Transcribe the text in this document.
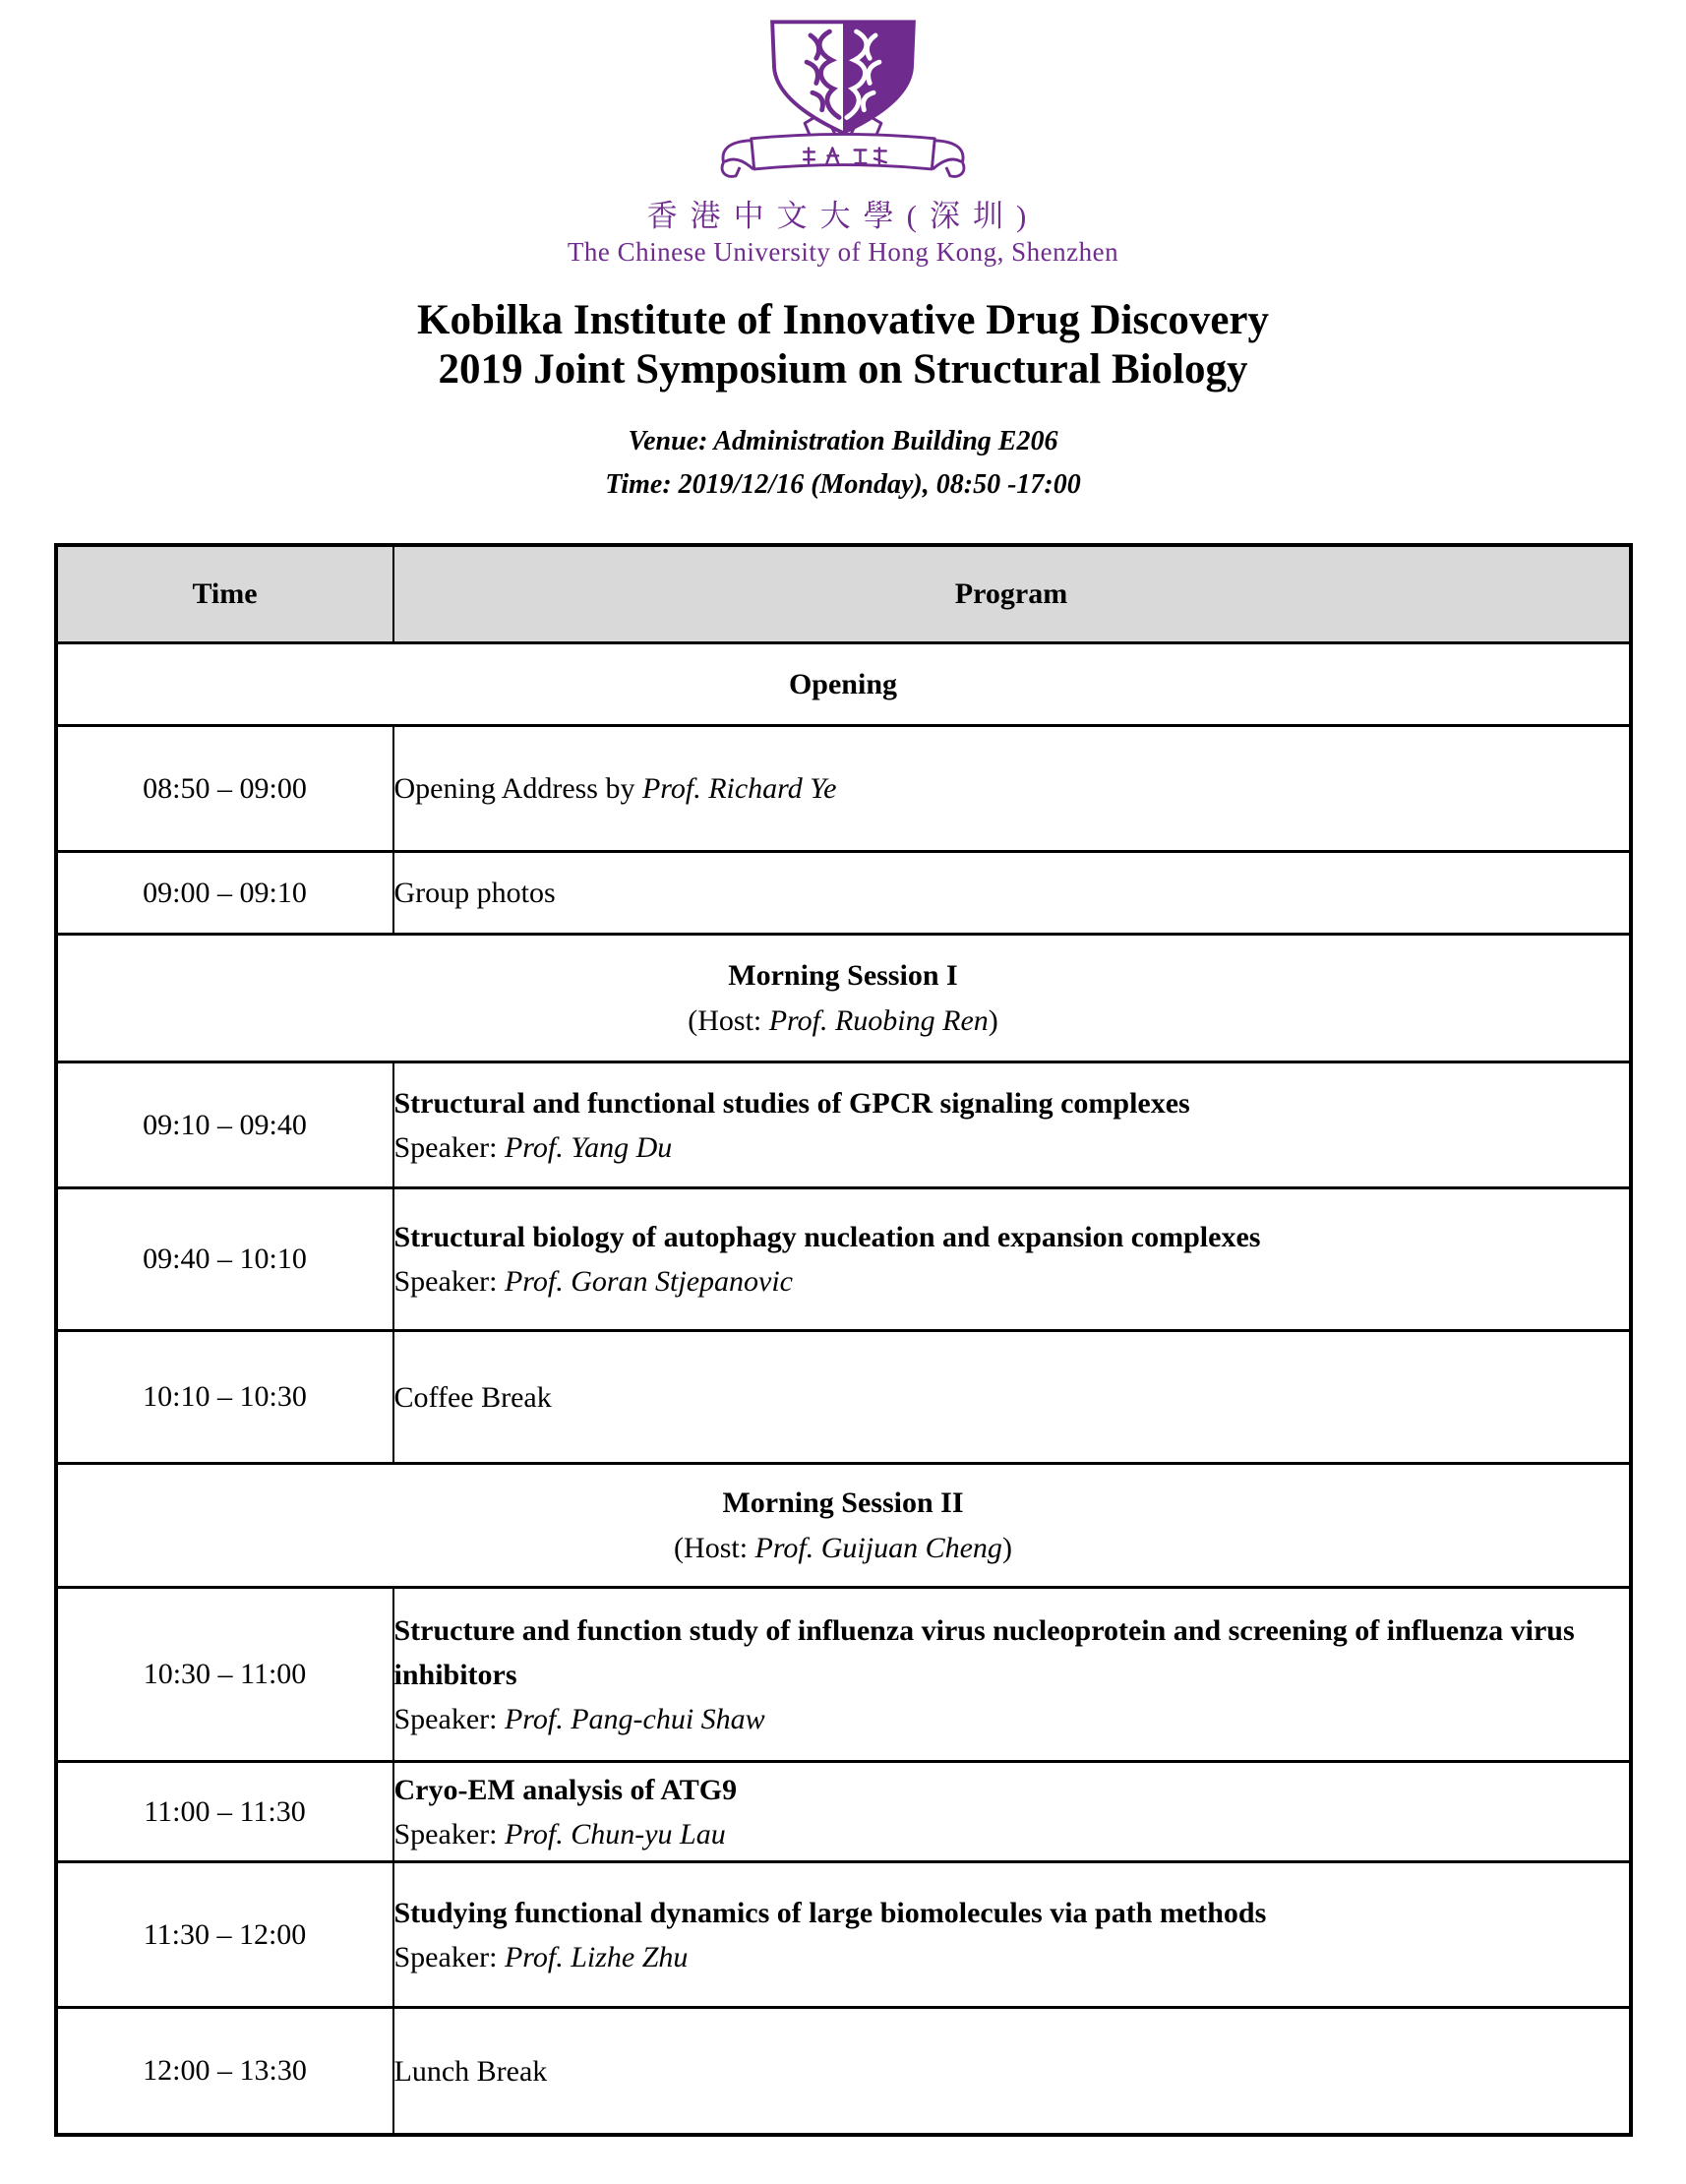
香港中文大學(深圳)
The Chinese University of Hong Kong, Shenzhen
Kobilka Institute of Innovative Drug Discovery
2019 Joint Symposium on Structural Biology
Venue: Administration Building E206
Time: 2019/12/16 (Monday), 08:50 -17:00
Time	Program

Opening	

08:50 – 09:00	Opening Address by Prof. Richard Ye

09:00 – 09:10	Group photos

Morning Session I
(Host: Prof. Ruobing Ren)	

09:10 – 09:40	Structural and functional studies of GPCR signaling complexes
Speaker: Prof. Yang Du

09:40 – 10:10	Structural biology of autophagy nucleation and expansion complexes
Speaker: Prof. Goran Stjepanovic

10:10 – 10:30	Coffee Break

Morning Session II
(Host: Prof. Guijuan Cheng)	

10:30 – 11:00	Structure and function study of influenza virus nucleoprotein and screening of influenza virus inhibitors
Speaker: Prof. Pang-chui Shaw

11:00 – 11:30	Cryo-EM analysis of ATG9
Speaker: Prof. Chun-yu Lau

11:30 – 12:00	Studying functional dynamics of large biomolecules via path methods
Speaker: Prof. Lizhe Zhu

12:00 – 13:30	Lunch Break
